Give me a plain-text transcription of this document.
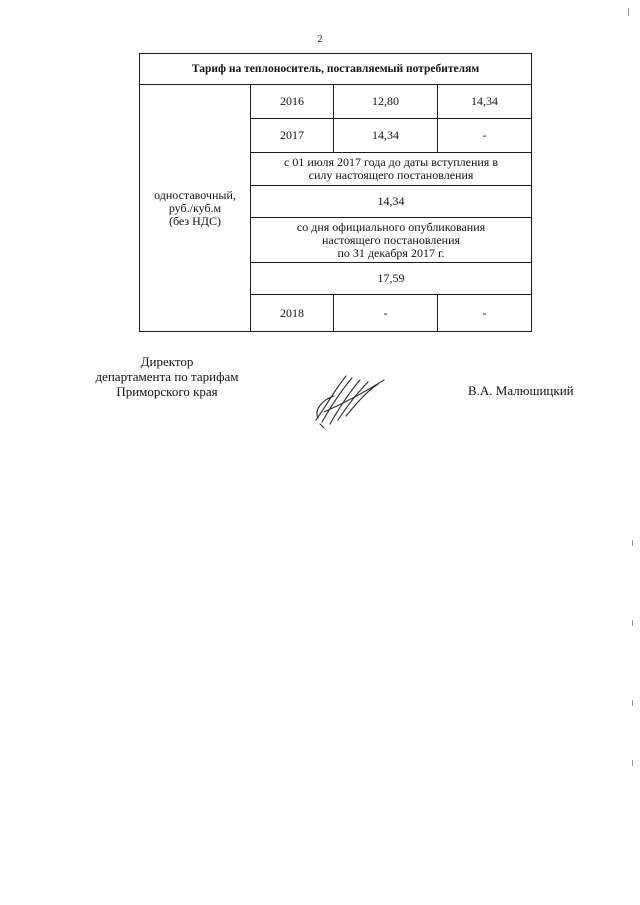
2
Тариф на теплоноситель, поставляемый потребителям			

одноставочный,
руб./куб.м
(без НДС)	2016	12,80	14,34
	2017	14,34	-

	с 01 июля 2017 года до даты вступления в
силу настоящего постановления		

	14,34		

	со дня официального опубликования
настоящего постановления
по 31 декабря 2017 г.		

	17,59		
	2018	-	-
Директор
департамента по тарифам
Приморского края	В.А. Малюшицкий
